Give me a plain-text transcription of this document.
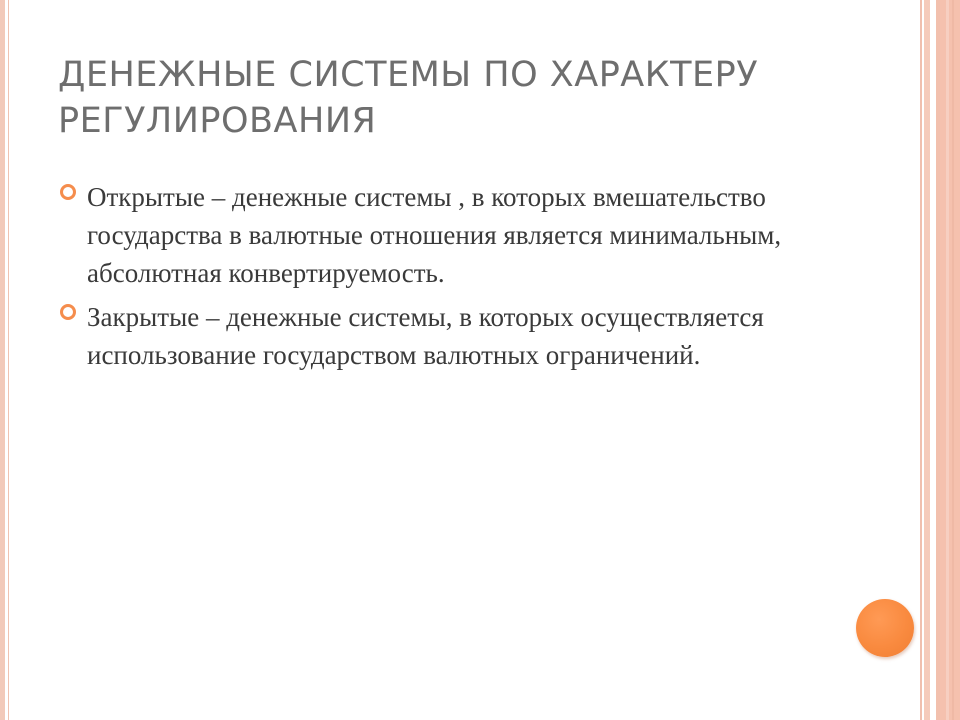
ДЕНЕЖНЫЕ СИСТЕМЫ ПО ХАРАКТЕРУ РЕГУЛИРОВАНИЯ
Открытые – денежные системы , в которых вмешательство государства в валютные отношения является минимальным, абсолютная конвертируемость.
Закрытые – денежные системы, в которых осуществляется использование государством валютных ограничений.
